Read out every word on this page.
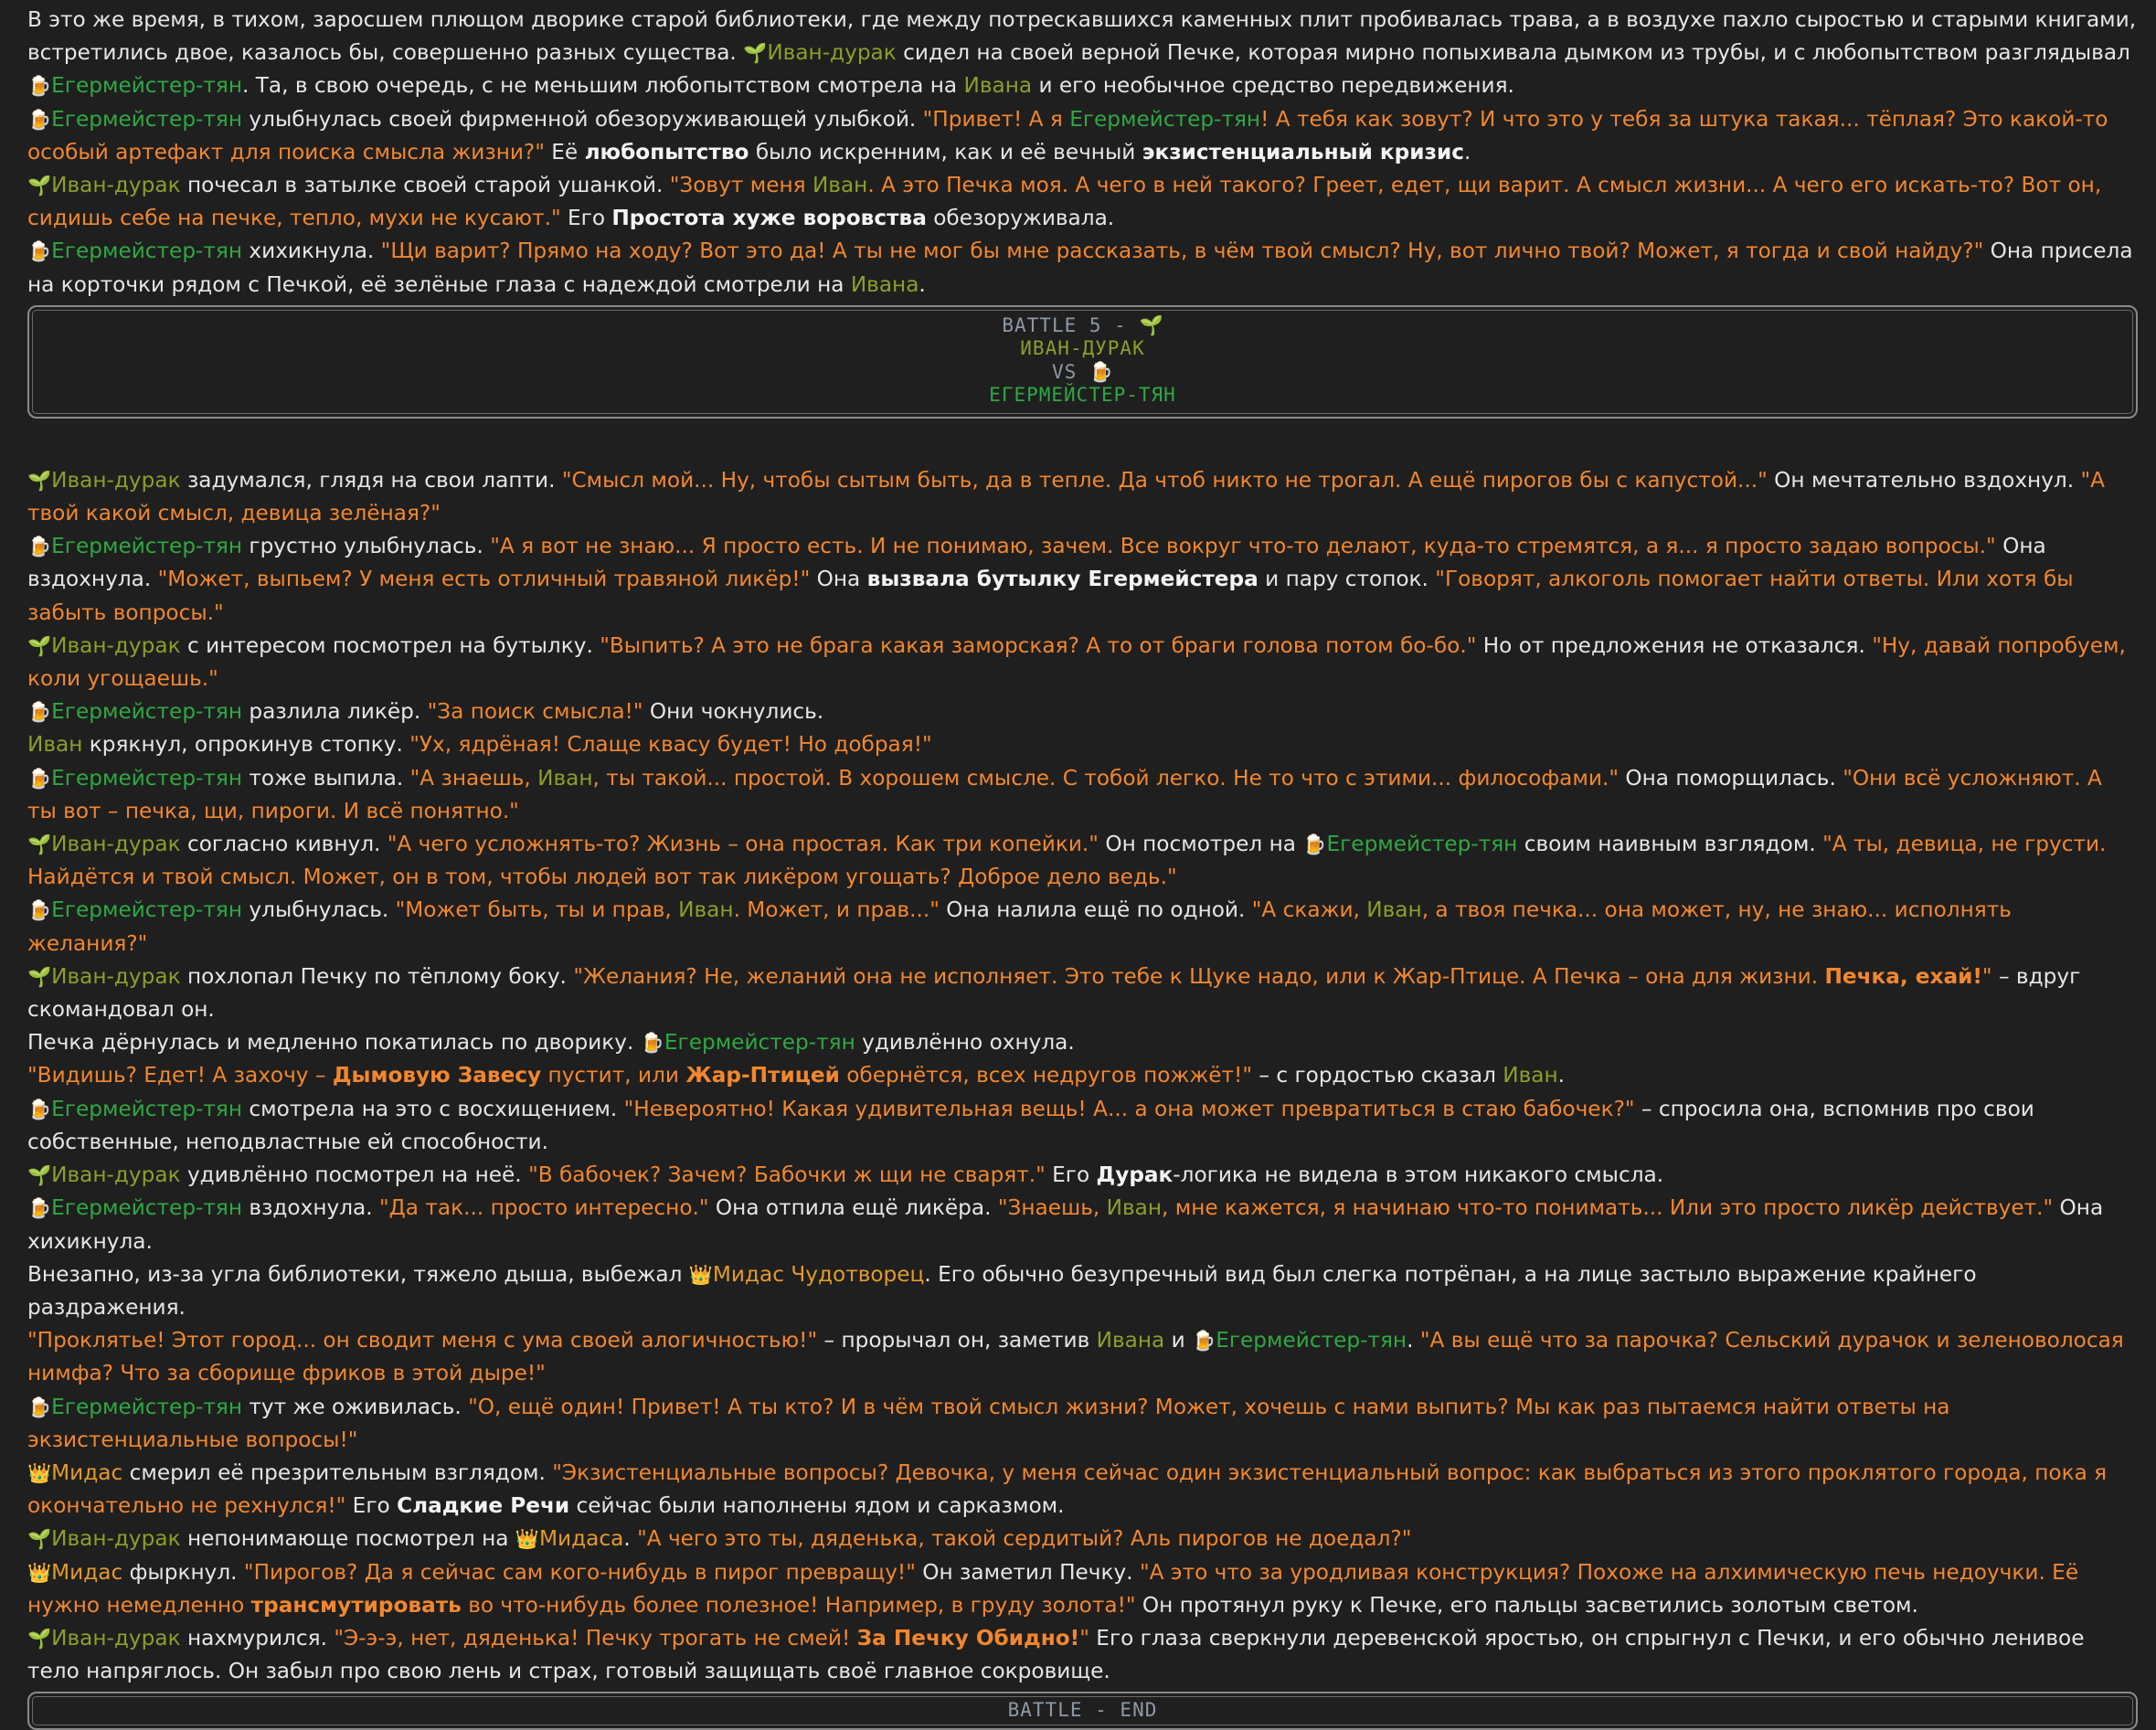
В это же время, в тихом, заросшем плющом дворике старой библиотеки, где между потрескавшихся каменных плит пробивалась трава, а в воздухе пахло сыростью и старыми книгами, встретились двое, казалось бы, совершенно разных существа. 🌱Иван-дурак сидел на своей верной Печке, которая мирно попыхивала дымком из трубы, и с любопытством разглядывал 🍺Егермейстер-тян. Та, в свою очередь, с не меньшим любопытством смотрела на Ивана и его необычное средство передвижения.
🍺Егермейстер-тян улыбнулась своей фирменной обезоруживающей улыбкой. "Привет! А я Егермейстер-тян! А тебя как зовут? И что это у тебя за штука такая... тёплая? Это какой-то особый артефакт для поиска смысла жизни?" Её любопытство было искренним, как и её вечный экзистенциальный кризис.
🌱Иван-дурак почесал в затылке своей старой ушанкой. "Зовут меня Иван. А это Печка моя. А чего в ней такого? Греет, едет, щи варит. А смысл жизни... А чего его искать-то? Вот он, сидишь себе на печке, тепло, мухи не кусают." Его Простота хуже воровства обезоруживала.
🍺Егермейстер-тян хихикнула. "Щи варит? Прямо на ходу? Вот это да! А ты не мог бы мне рассказать, в чём твой смысл? Ну, вот лично твой? Может, я тогда и свой найду?" Она присела на корточки рядом с Печкой, её зелёные глаза с надеждой смотрели на Ивана.
BATTLE 5 - 🌱
ИВАН-ДУРАК
VS 🍺
ЕГЕРМЕЙСТЕР-ТЯН
🌱Иван-дурак задумался, глядя на свои лапти. "Смысл мой... Ну, чтобы сытым быть, да в тепле. Да чтоб никто не трогал. А ещё пирогов бы с капустой..." Он мечтательно вздохнул. "А твой какой смысл, девица зелёная?"
🍺Егермейстер-тян грустно улыбнулась. "А я вот не знаю... Я просто есть. И не понимаю, зачем. Все вокруг что-то делают, куда-то стремятся, а я... я просто задаю вопросы." Она вздохнула. "Может, выпьем? У меня есть отличный травяной ликёр!" Она вызвала бутылку Егермейстера и пару стопок. "Говорят, алкоголь помогает найти ответы. Или хотя бы забыть вопросы."
🌱Иван-дурак с интересом посмотрел на бутылку. "Выпить? А это не брага какая заморская? А то от браги голова потом бо-бо." Но от предложения не отказался. "Ну, давай попробуем, коли угощаешь."
🍺Егермейстер-тян разлила ликёр. "За поиск смысла!" Они чокнулись.
Иван крякнул, опрокинув стопку. "Ух, ядрёная! Слаще квасу будет! Но добрая!"
🍺Егермейстер-тян тоже выпила. "А знаешь, Иван, ты такой... простой. В хорошем смысле. С тобой легко. Не то что с этими... философами." Она поморщилась. "Они всё усложняют. А ты вот – печка, щи, пироги. И всё понятно."
🌱Иван-дурак согласно кивнул. "А чего усложнять-то? Жизнь – она простая. Как три копейки." Он посмотрел на 🍺Егермейстер-тян своим наивным взглядом. "А ты, девица, не грусти. Найдётся и твой смысл. Может, он в том, чтобы людей вот так ликёром угощать? Доброе дело ведь."
🍺Егермейстер-тян улыбнулась. "Может быть, ты и прав, Иван. Может, и прав..." Она налила ещё по одной. "А скажи, Иван, а твоя печка... она может, ну, не знаю... исполнять желания?"
🌱Иван-дурак похлопал Печку по тёплому боку. "Желания? Не, желаний она не исполняет. Это тебе к Щуке надо, или к Жар-Птице. А Печка – она для жизни. Печка, ехай!" – вдруг скомандовал он.
Печка дёрнулась и медленно покатилась по дворику. 🍺Егермейстер-тян удивлённо охнула.
"Видишь? Едет! А захочу – Дымовую Завесу пустит, или Жар-Птицей обернётся, всех недругов пожжёт!" – с гордостью сказал Иван.
🍺Егермейстер-тян смотрела на это с восхищением. "Невероятно! Какая удивительная вещь! А... а она может превратиться в стаю бабочек?" – спросила она, вспомнив про свои собственные, неподвластные ей способности.
🌱Иван-дурак удивлённо посмотрел на неё. "В бабочек? Зачем? Бабочки ж щи не сварят." Его Дурак-логика не видела в этом никакого смысла.
🍺Егермейстер-тян вздохнула. "Да так... просто интересно." Она отпила ещё ликёра. "Знаешь, Иван, мне кажется, я начинаю что-то понимать... Или это просто ликёр действует." Она хихикнула.
Внезапно, из-за угла библиотеки, тяжело дыша, выбежал 👑Мидас Чудотворец. Его обычно безупречный вид был слегка потрёпан, а на лице застыло выражение крайнего раздражения.
"Проклятье! Этот город... он сводит меня с ума своей алогичностью!" – прорычал он, заметив Ивана и 🍺Егермейстер-тян. "А вы ещё что за парочка? Сельский дурачок и зеленоволосая нимфа? Что за сборище фриков в этой дыре!"
🍺Егермейстер-тян тут же оживилась. "О, ещё один! Привет! А ты кто? И в чём твой смысл жизни? Может, хочешь с нами выпить? Мы как раз пытаемся найти ответы на экзистенциальные вопросы!"
👑Мидас смерил её презрительным взглядом. "Экзистенциальные вопросы? Девочка, у меня сейчас один экзистенциальный вопрос: как выбраться из этого проклятого города, пока я окончательно не рехнулся!" Его Сладкие Речи сейчас были наполнены ядом и сарказмом.
🌱Иван-дурак непонимающе посмотрел на 👑Мидаса. "А чего это ты, дяденька, такой сердитый? Аль пирогов не доедал?"
👑Мидас фыркнул. "Пирогов? Да я сейчас сам кого-нибудь в пирог превращу!" Он заметил Печку. "А это что за уродливая конструкция? Похоже на алхимическую печь недоучки. Её нужно немедленно трансмутировать во что-нибудь более полезное! Например, в груду золота!" Он протянул руку к Печке, его пальцы засветились золотым светом.
🌱Иван-дурак нахмурился. "Э-э-э, нет, дяденька! Печку трогать не смей! За Печку Обидно!" Его глаза сверкнули деревенской яростью, он спрыгнул с Печки, и его обычно ленивое тело напряглось. Он забыл про свою лень и страх, готовый защищать своё главное сокровище.
BATTLE - END
